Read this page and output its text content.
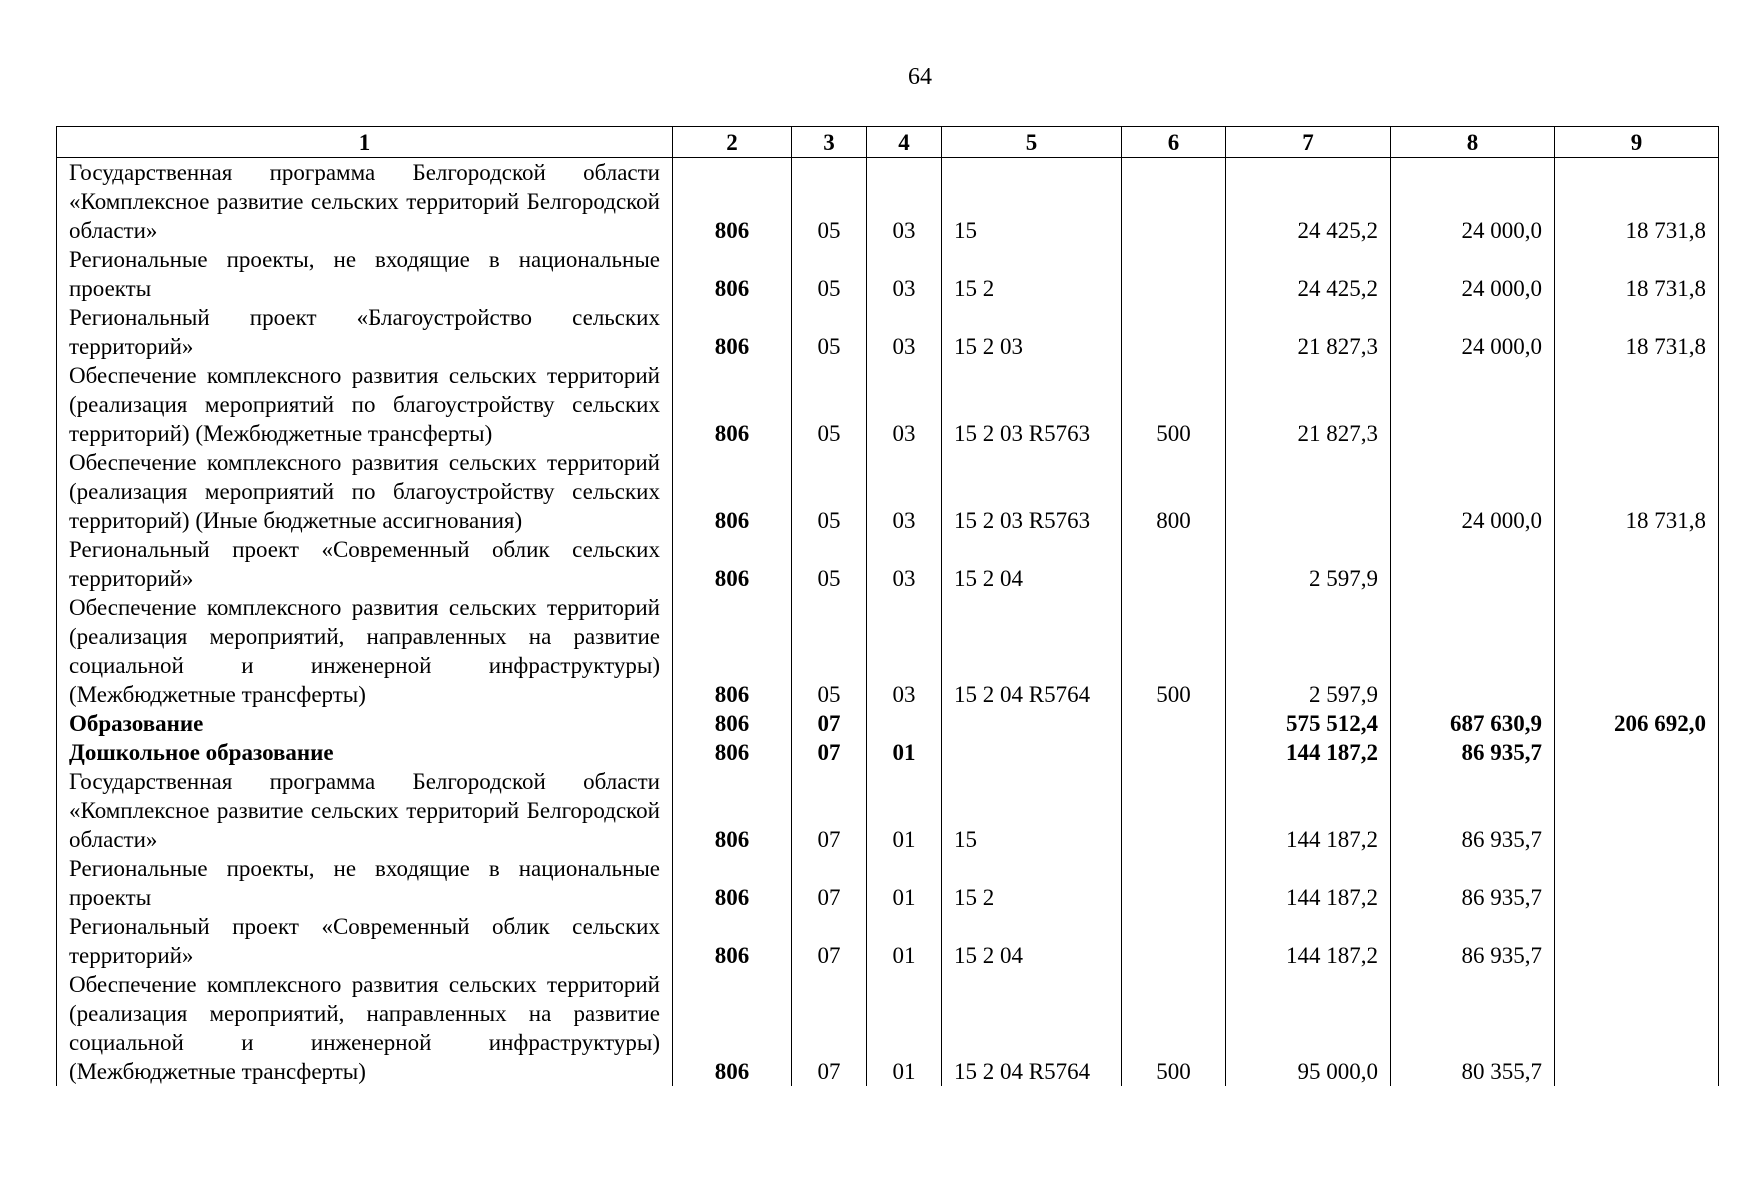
64
1	2	3	4	5	6	7	8	9
Государственная программа Белгородской области «Комплексное развитие сельских территорий Белгородской области»	806	05	03	15		24 425,2	24 000,0	18 731,8
Региональные проекты, не входящие в национальные проекты	806	05	03	15 2		24 425,2	24 000,0	18 731,8
Региональный проект «Благоустройство сельских территорий»	806	05	03	15 2 03		21 827,3	24 000,0	18 731,8
Обеспечение комплексного развития сельских территорий (реализация мероприятий по благоустройству сельских территорий) (Межбюджетные трансферты)	806	05	03	15 2 03 R5763	500	21 827,3		
Обеспечение комплексного развития сельских территорий (реализация мероприятий по благоустройству сельских территорий) (Иные бюджетные ассигнования)	806	05	03	15 2 03 R5763	800		24 000,0	18 731,8
Региональный проект «Современный облик сельских территорий»	806	05	03	15 2 04		2 597,9		
Обеспечение комплексного развития сельских территорий (реализация мероприятий, направленных на развитие социальной и инженерной инфраструктуры) (Межбюджетные трансферты)	806	05	03	15 2 04 R5764	500	2 597,9		
Образование	806	07				575 512,4	687 630,9	206 692,0
Дошкольное образование	806	07	01			144 187,2	86 935,7	
Государственная программа Белгородской области «Комплексное развитие сельских территорий Белгородской области»	806	07	01	15		144 187,2	86 935,7	
Региональные проекты, не входящие в национальные проекты	806	07	01	15 2		144 187,2	86 935,7	
Региональный проект «Современный облик сельских территорий»	806	07	01	15 2 04		144 187,2	86 935,7	
Обеспечение комплексного развития сельских территорий (реализация мероприятий, направленных на развитие социальной и инженерной инфраструктуры) (Межбюджетные трансферты)	806	07	01	15 2 04 R5764	500	95 000,0	80 355,7	
